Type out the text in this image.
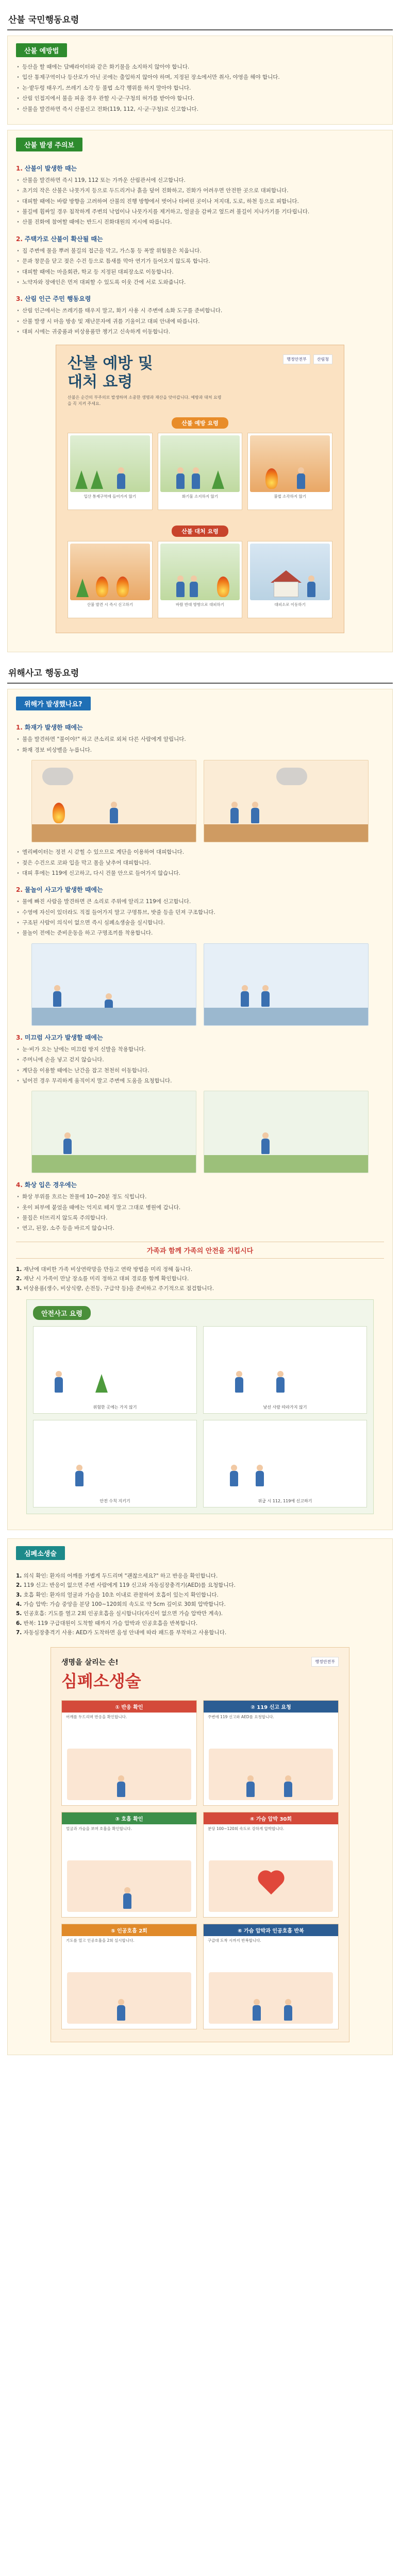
산불 국민행동요령
산불 예방법
· 등산을 할 때에는 담배라이터와 같은 화기물을 소지하지 않아야 합니다.
· 입산 통제구역이나 등산로가 아닌 곳에는 출입하지 않아야 하며, 지정된 장소에서만 취사, 야영을 해야 합니다.
· 논·밭두렁 태우기, 쓰레기 소각 등 불법 소각 행위를 하지 말아야 합니다.
· 산림 인접지에서 불을 피울 경우 관할 시·군·구청의 허가를 받아야 합니다.
· 산불을 발견하면 즉시 산불신고 전화(119, 112, 시·군·구청)로 신고합니다.
산불 발생 주의보
1. 산불이 발생한 때는
· 산불을 발견하면 즉시 119, 112 또는 가까운 산림관서에 신고합니다.
· 초기의 작은 산불은 나뭇가지 등으로 두드리거나 흙을 덮어 진화하고, 진화가 어려우면 안전한 곳으로 대피합니다.
· 대피할 때에는 바람 방향을 고려하여 산불의 진행 방향에서 벗어나 타버린 곳이나 저지대, 도로, 하천 등으로 피합니다.
· 불길에 휩싸일 경우 침착하게 주변의 낙엽이나 나뭇가지를 제거하고, 얼굴을 감싸고 엎드려 불길이 지나가기를 기다립니다.
· 산불 진화에 참여할 때에는 반드시 진화대원의 지시에 따릅니다.
2. 주택가로 산불이 확산될 때는
· 집 주변에 물을 뿌려 불길의 접근을 막고, 가스통 등 폭발 위험물은 치웁니다.
· 문과 창문을 닫고 젖은 수건 등으로 틈새를 막아 연기가 들어오지 않도록 합니다.
· 대피할 때에는 마을회관, 학교 등 지정된 대피장소로 이동합니다.
· 노약자와 장애인은 먼저 대피할 수 있도록 이웃 간에 서로 도와줍니다.
3. 산림 인근 주민 행동요령
· 산림 인근에서는 쓰레기를 태우지 말고, 화기 사용 시 주변에 소화 도구를 준비합니다.
· 산불 발생 시 마을 방송 및 재난문자에 귀를 기울이고 대피 안내에 따릅니다.
· 대피 시에는 귀중품과 비상용품만 챙기고 신속하게 이동합니다.
산불 예방 및
대처 요령
행정안전부	산림청
산불은 순간의 부주의로 발생하며 소중한 생명과 재산을 앗아갑니다. 예방과 대처 요령을 꼭 지켜 주세요.
산불 예방 요령
입산 통제구역에 들어가지 않기	화기물 소지하지 않기	불법 소각하지 않기
산불 대처 요령
산불 발견 시 즉시 신고하기	바람 반대 방향으로 대피하기	대피소로 이동하기
위해사고 행동요령
위해가 발생했나요?
1. 화재가 발생한 때에는
· 불을 발견하면 "불이야!" 하고 큰소리로 외쳐 다른 사람에게 알립니다.
· 화재 경보 비상벨을 누릅니다.
· 엘리베이터는 정전 시 갇힐 수 있으므로 계단을 이용하여 대피합니다.
· 젖은 수건으로 코와 입을 막고 몸을 낮추어 대피합니다.
· 대피 후에는 119에 신고하고, 다시 건물 안으로 들어가지 않습니다.
2. 물놀이 사고가 발생한 때에는
· 물에 빠진 사람을 발견하면 큰 소리로 주위에 알리고 119에 신고합니다.
· 수영에 자신이 있더라도 직접 들어가지 말고 구명튜브, 밧줄 등을 던져 구조합니다.
· 구조된 사람이 의식이 없으면 즉시 심폐소생술을 실시합니다.
· 물놀이 전에는 준비운동을 하고 구명조끼를 착용합니다.
3. 미끄럼 사고가 발생할 때에는
· 눈·비가 오는 날에는 미끄럼 방지 신발을 착용합니다.
· 주머니에 손을 넣고 걷지 않습니다.
· 계단을 이용할 때에는 난간을 잡고 천천히 이동합니다.
· 넘어진 경우 무리하게 움직이지 말고 주변에 도움을 요청합니다.
4. 화상 입은 경우에는
· 화상 부위를 흐르는 찬물에 10~20분 정도 식힙니다.
· 옷이 피부에 붙었을 때에는 억지로 떼지 말고 그대로 병원에 갑니다.
· 물집은 터뜨리지 않도록 주의합니다.
· 연고, 된장, 소주 등을 바르지 않습니다.
가족과 함께 가족의 안전을 지킵시다

1. 재난에 대비한 가족 비상연락망을 만들고 연락 방법을 미리 정해 둡니다.

2. 재난 시 가족이 만날 장소를 미리 정하고 대피 경로를 함께 확인합니다.

3. 비상용품(생수, 비상식량, 손전등, 구급약 등)을 준비하고 주기적으로 점검합니다.

안전사고 요령
위험한 곳에는 가지 않기	낯선 사람 따라가지 않기
안전 수칙 지키기	위급 시 112, 119에 신고하기
심폐소생술

1. 의식 확인: 환자의 어깨를 가볍게 두드리며 "괜찮으세요?" 하고 반응을 확인합니다.

2. 119 신고: 반응이 없으면 주변 사람에게 119 신고와 자동심장충격기(AED)를 요청합니다.

3. 호흡 확인: 환자의 얼굴과 가슴을 10초 이내로 관찰하여 호흡이 있는지 확인합니다.

4. 가슴 압박: 가슴 중앙을 분당 100~120회의 속도로 약 5cm 깊이로 30회 압박합니다.

5. 인공호흡: 기도를 열고 2회 인공호흡을 실시합니다(자신이 없으면 가슴 압박만 계속).

6. 반복: 119 구급대원이 도착할 때까지 가슴 압박과 인공호흡을 반복합니다.

7. 자동심장충격기 사용: AED가 도착하면 음성 안내에 따라 패드를 부착하고 사용합니다.

생명을 살리는 손!
심폐소생술
행정안전부
① 반응 확인
어깨를 두드리며 반응을 확인합니다.
② 119 신고 요청
주변에 119 신고와 AED를 요청합니다.
③ 호흡 확인
얼굴과 가슴을 보며 호흡을 확인합니다.
④ 가슴 압박 30회
분당 100~120회 속도로 강하게 압박합니다.
⑤ 인공호흡 2회
기도를 열고 인공호흡을 2회 실시합니다.
⑥ 가슴 압박과 인공호흡 반복
구급대 도착 시까지 반복합니다.
